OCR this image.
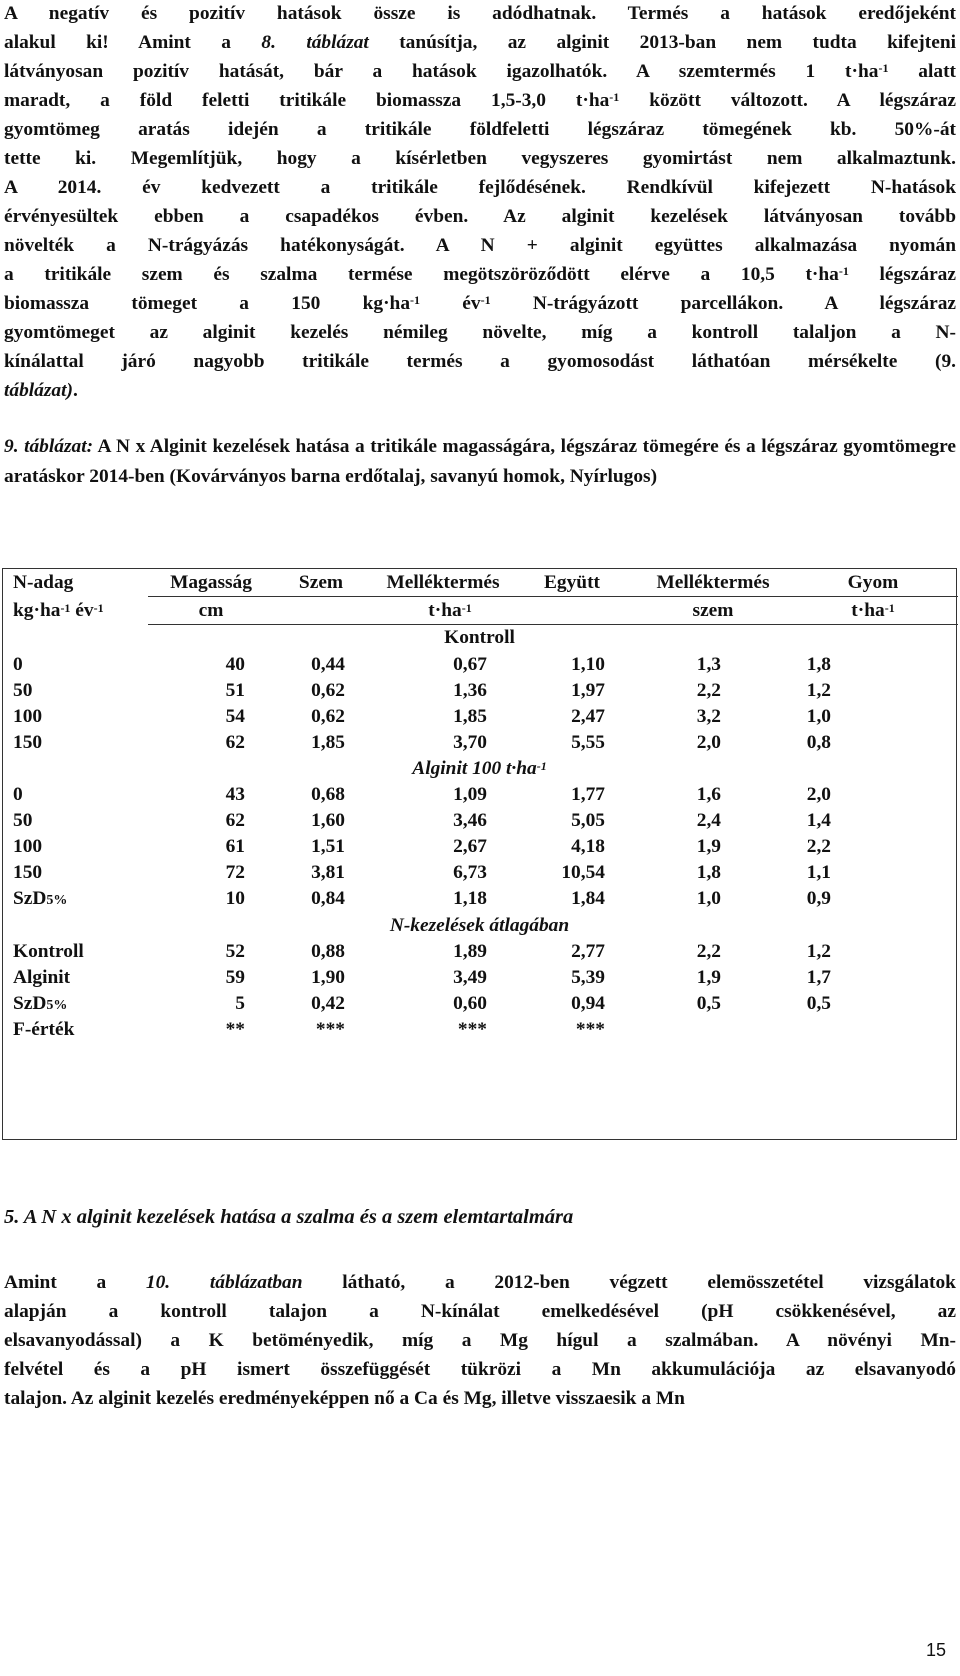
A negatív és pozitív hatások össze is adódhatnak. Termés a hatások eredőjeként
alakul ki! Amint a 8. táblázat tanúsítja, az alginit 2013-ban nem tudta kifejteni
látványosan pozitív hatását, bár a hatások igazolhatók. A szemtermés 1 $t\cdot ha^{-1}$ alatt
maradt, a föld feletti tritikále biomassza 1,5-3,0 $t\cdot ha^{-1}$ között változott. A légszáraz
gyomtömeg aratás idején a tritikále földfeletti légszáraz tömegének kb. 50%-át
tette ki. Megemlítjük, hogy a kísérletben vegyszeres gyomirtást nem alkalmaztunk.
A 2014. év kedvezett a tritikále fejlődésének. Rendkívül kifejezett N-hatások
érvényesültek ebben a csapadékos évben. Az alginit kezelések látványosan tovább
növelték a N-trágyázás hatékonyságát. A N + alginit együttes alkalmazása nyomán
a tritikále szem és szalma termése megötszöröződött elérve a 10,5 $t\cdot ha^{-1}$ légszáraz
biomassza tömeget a 150 $kg\cdot ha^{-1}$ $év^{-1}$ N-trágyázott parcellákon. A légszáraz
gyomtömeget az alginit kezelés némileg növelte, míg a kontroll talaljon a N-
kínálattal járó nagyobb tritikále termés a gyomosodást láthatóan mérsékelte (9.
táblázat).

9. táblázat: A N x Alginit kezelések hatása a tritikále magasságára, légszáraz tömegére és a légszáraz gyomtömegre aratáskor 2014-ben (Kovárványos barna erdőtalaj, savanyú homok, Nyírlugos)

N-adag	Magasság	Szem	Melléktermés	Együtt	Melléktermés	Gyom
$kg\cdot ha^{-1}$ $év^{-1}$	cm	$t\cdot ha^{-1}$	szem	$t\cdot ha^{-1}$
Kontroll
0	40	0,44	0,67	1,10	1,3	1,8
50	51	0,62	1,36	1,97	2,2	1,2
100	54	0,62	1,85	2,47	3,2	1,0
150	62	1,85	3,70	5,55	2,0	0,8
Alginit 100 $t\cdot ha^{-1}$
0	43	0,68	1,09	1,77	1,6	2,0
50	62	1,60	3,46	5,05	2,4	1,4
100	61	1,51	2,67	4,18	1,9	2,2
150	72	3,81	6,73	10,54	1,8	1,1
SzD5%	10	0,84	1,18	1,84	1,0	0,9
N-kezelések átlagában
Kontroll	52	0,88	1,89	2,77	2,2	1,2
Alginit	59	1,90	3,49	5,39	1,9	1,7
SzD5%	5	0,42	0,60	0,94	0,5	0,5
F-érték	**	***	***	***

5. A N x alginit kezelések hatása a szalma és a szem elemtartalmára

Amint a 10. táblázatban látható, a 2012-ben végzett elemösszetétel vizsgálatok
alapján a kontroll talajon a N-kínálat emelkedésével (pH csökkenésével, az
elsavanyodással) a K betöményedik, míg a Mg hígul a szalmában. A növényi Mn-
felvétel és a pH ismert összefüggését tükrözi a Mn akkumulációja az elsavanyodó
talajon. Az alginit kezelés eredményeképpen nő a Ca és Mg, illetve visszaesik a Mn
15
